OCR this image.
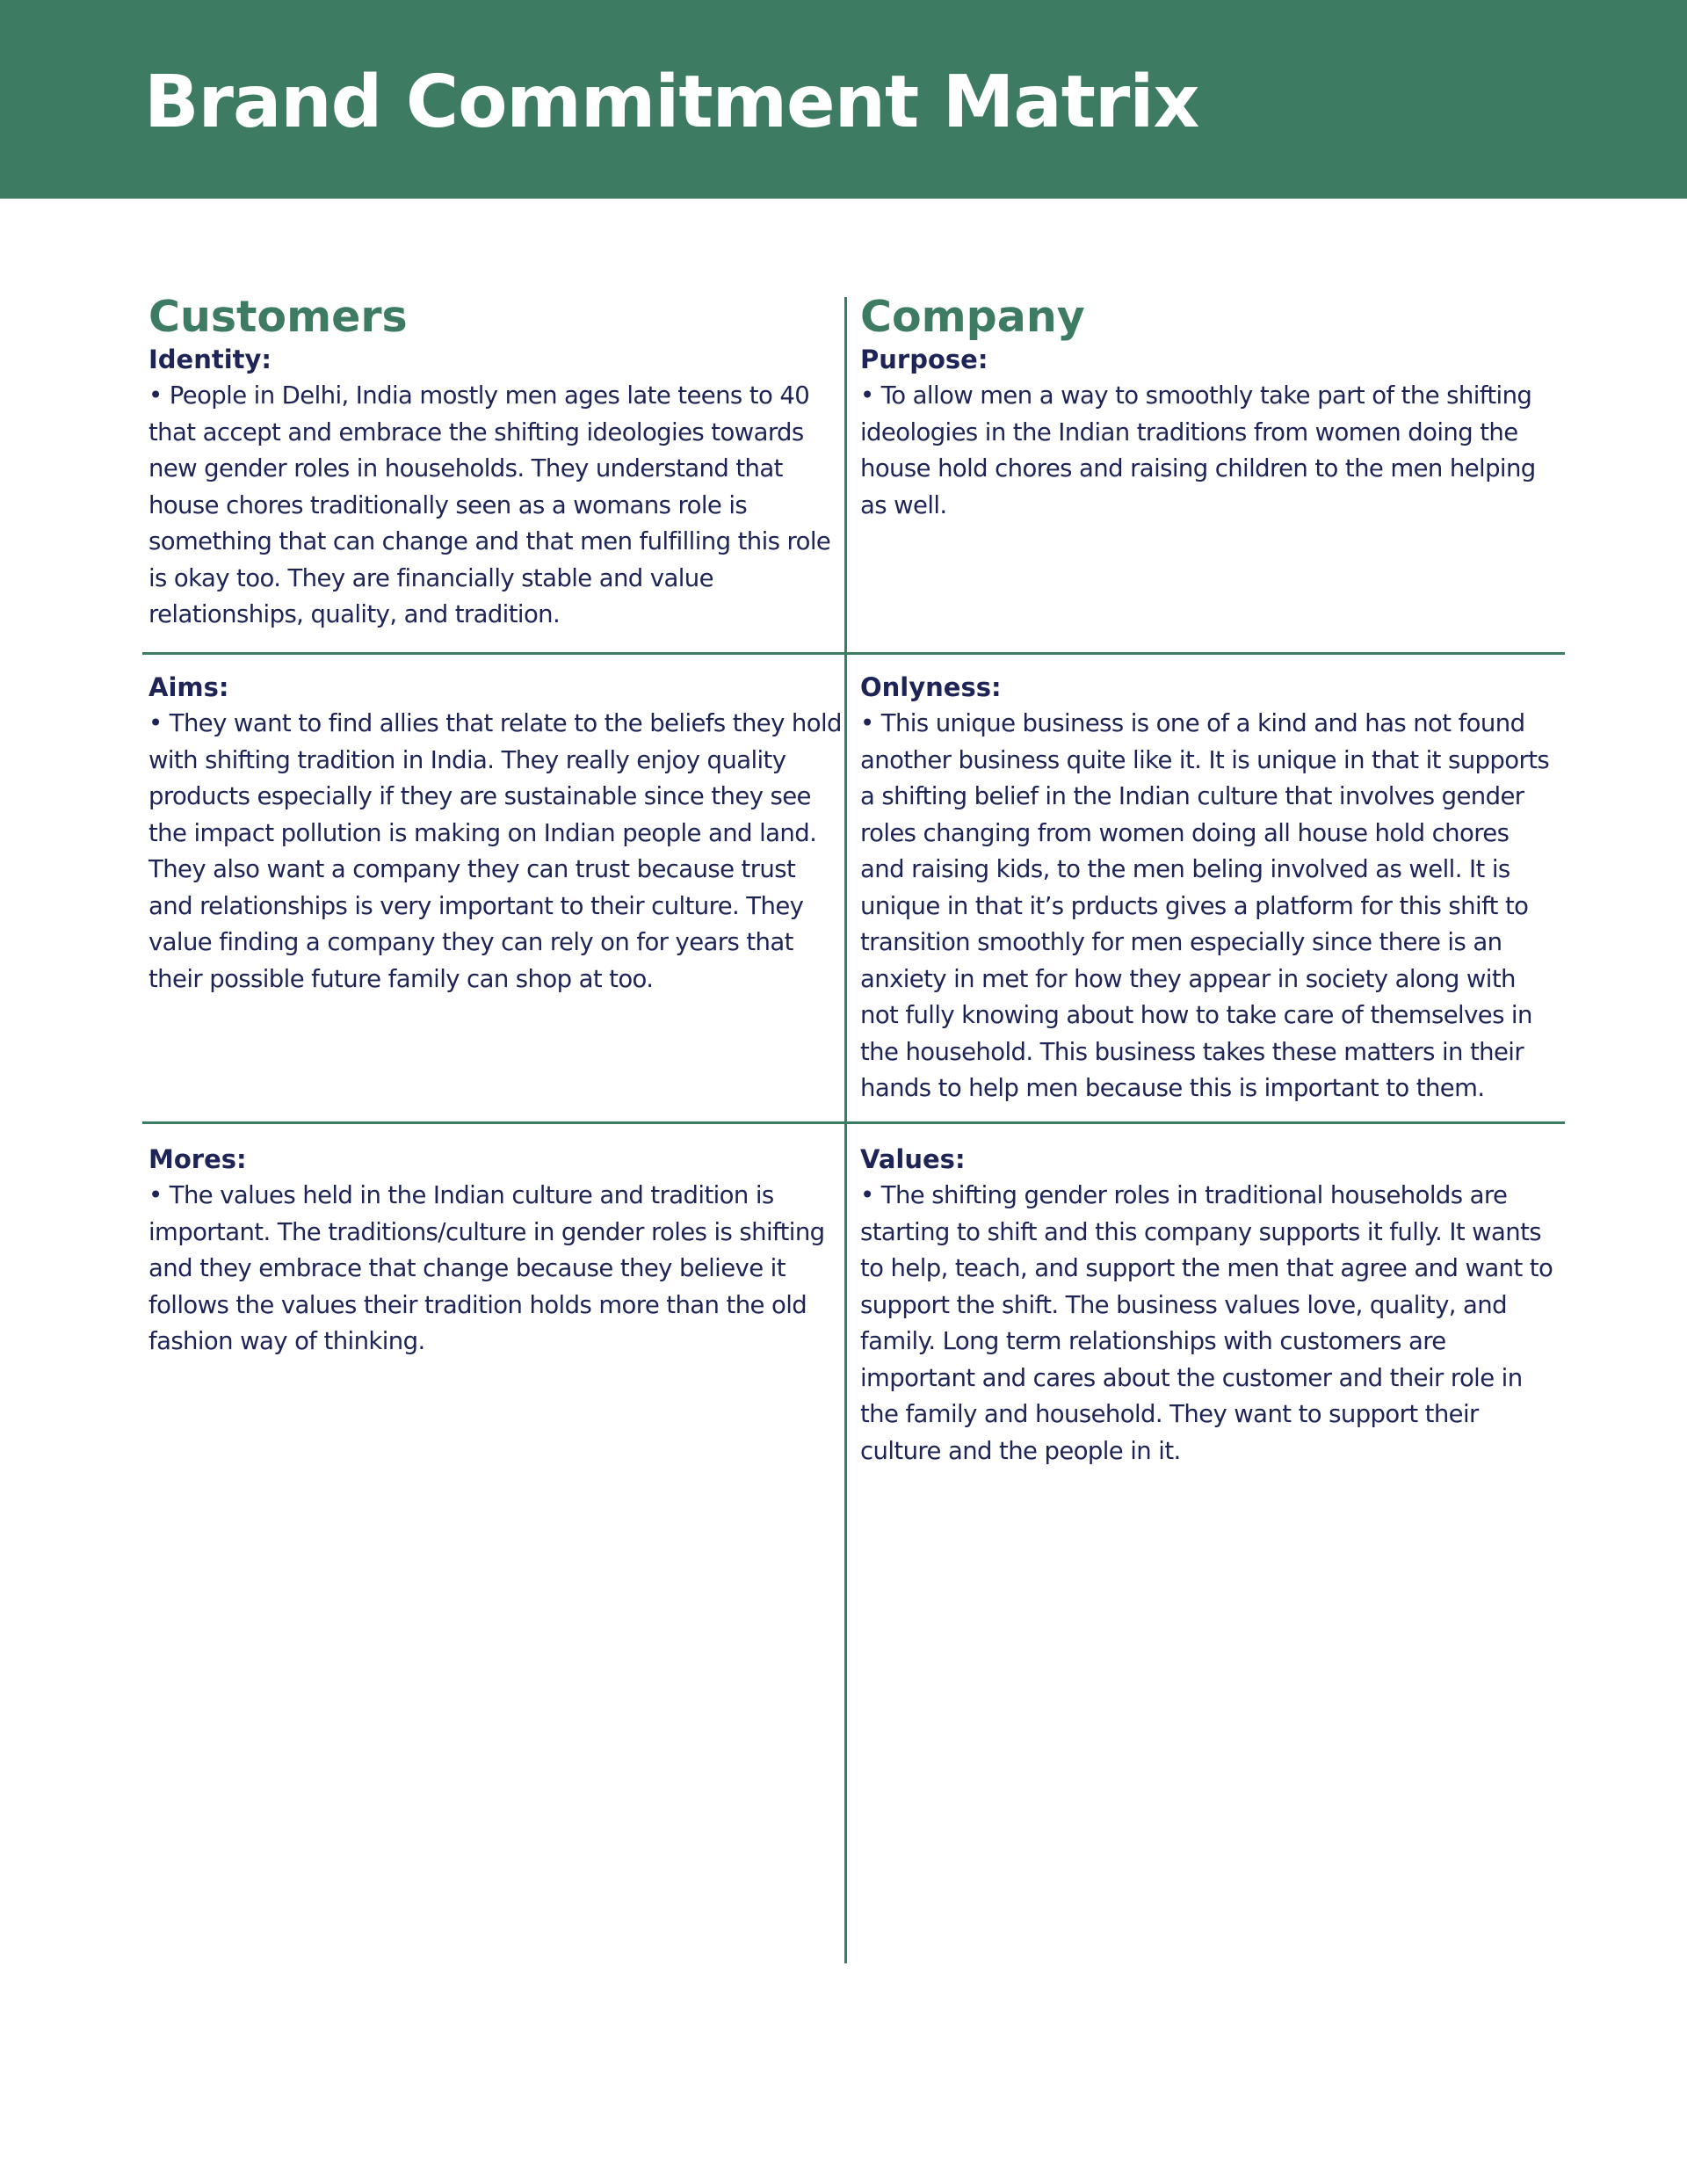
Brand Commitment Matrix
Customers	Company

Identity:

• People in Delhi, India mostly men ages late teens to 40 that accept and embrace the shifting ideologies towards new gender roles in households. They understand that house chores traditionally seen as a womans role is something that can change and that men fulfilling this role is okay too. They are financially stable and value relationships, quality, and tradition.

Purpose:

• To allow men a way to smoothly take part of the shifting ideologies in the Indian traditions from women doing the house hold chores and raising children to the men helping as well.

Aims:

• They want to find allies that relate to the beliefs they hold with shifting tradition in India. They really enjoy quality products especially if they are sustainable since they see the impact pollution is making on Indian people and land. They also want a company they can trust because trust and relationships is very important to their culture. They value finding a company they can rely on for years that their possible future family can shop at too.

Onlyness:

• This unique business is one of a kind and has not found another business quite like it. It is unique in that it supports a shifting belief in the Indian culture that involves gender roles changing from women doing all house hold chores and raising kids, to the men beling involved as well. It is unique in that it’s prducts gives a platform for this shift to transition smoothly for men especially since there is an anxiety in met for how they appear in society along with not fully knowing about how to take care of themselves in the household. This business takes these matters in their hands to help men because this is important to them.

Mores:

• The values held in the Indian culture and tradition is important. The traditions/culture in gender roles is shifting and they embrace that change because they believe it follows the values their tradition holds more than the old fashion way of thinking.

Values:

• The shifting gender roles in traditional households are starting to shift and this company supports it fully. It wants to help, teach, and support the men that agree and want to support the shift. The business values love, quality, and family. Long term relationships with customers are important and cares about the customer and their role in the family and household. They want to support their culture and the people in it.
